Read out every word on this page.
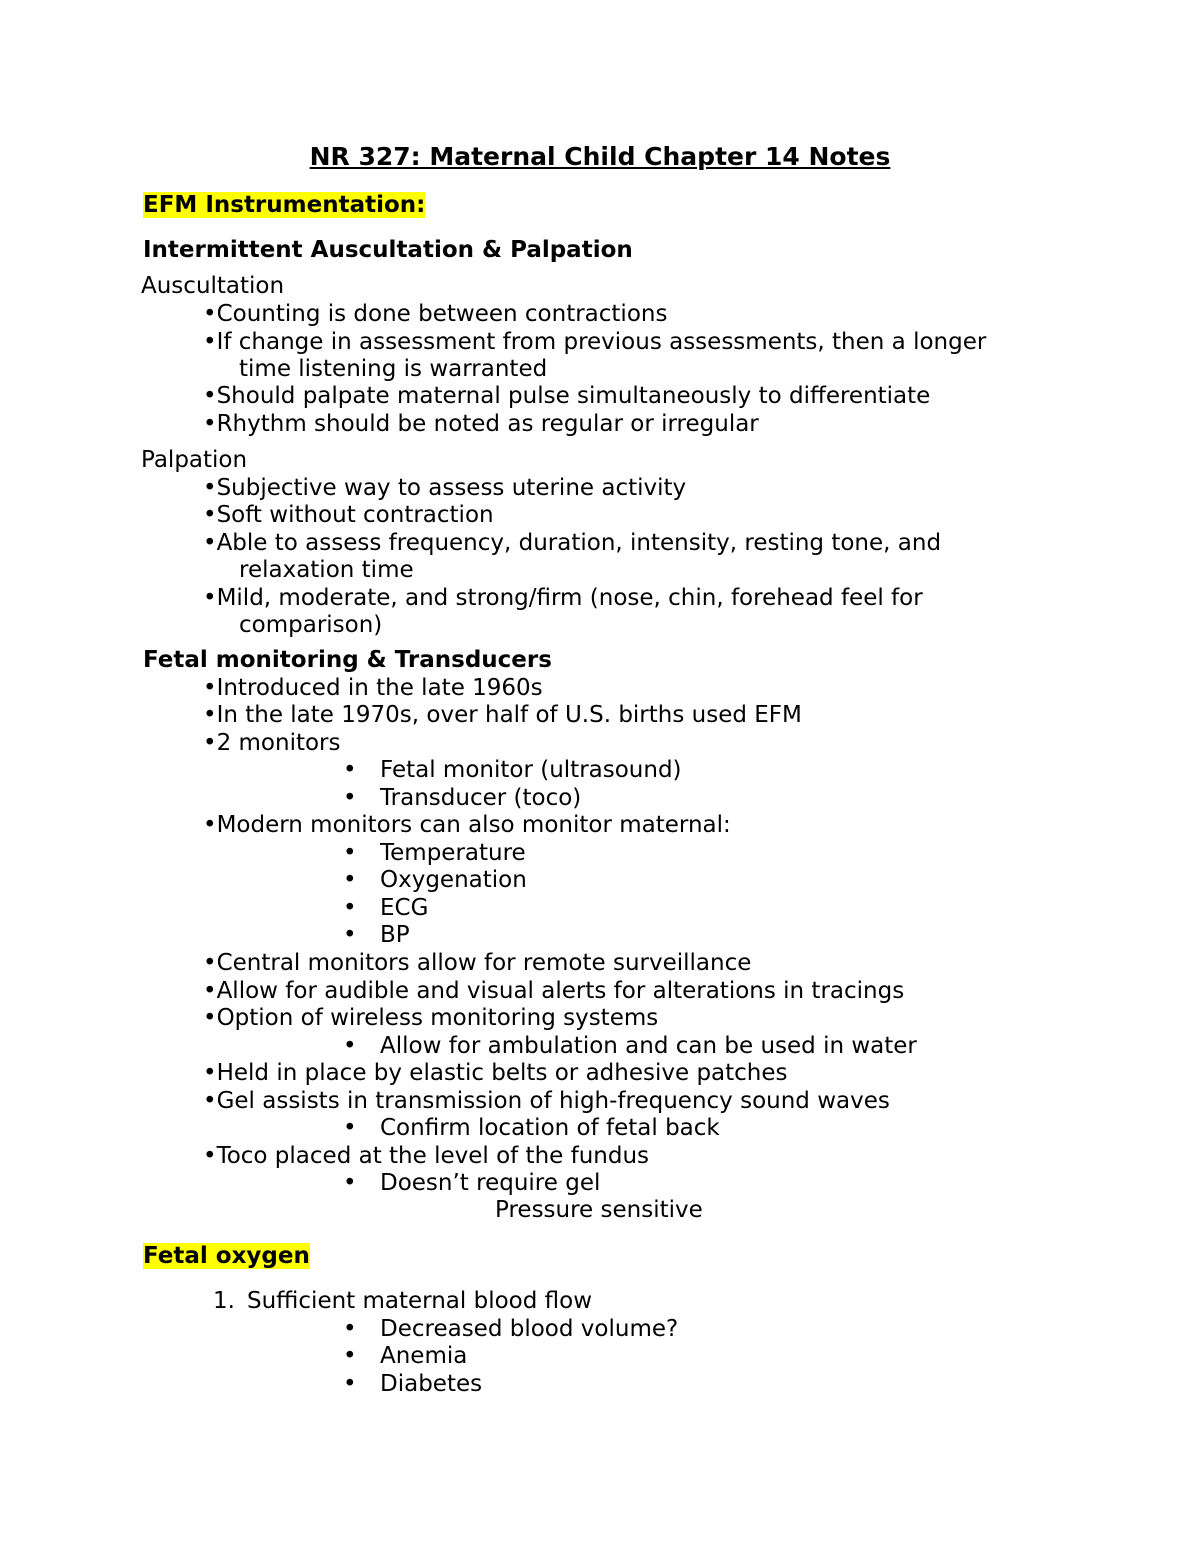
NR 327: Maternal Child Chapter 14 Notes
EFM Instrumentation:
Intermittent Auscultation & Palpation
Auscultation
•Counting is done between contractions
•If change in assessment from previous assessments, then a longer
time listening is warranted
•Should palpate maternal pulse simultaneously to differentiate
•Rhythm should be noted as regular or irregular
Palpation
•Subjective way to assess uterine activity
•Soft without contraction
•Able to assess frequency, duration, intensity, resting tone, and
relaxation time
•Mild, moderate, and strong/firm (nose, chin, forehead feel for
comparison)
Fetal monitoring & Transducers
•Introduced in the late 1960s
•In the late 1970s, over half of U.S. births used EFM
•2 monitors
• Fetal monitor (ultrasound)
• Transducer (toco)
•Modern monitors can also monitor maternal:
• Temperature
• Oxygenation
• ECG
• BP
•Central monitors allow for remote surveillance
•Allow for audible and visual alerts for alterations in tracings
•Option of wireless monitoring systems
• Allow for ambulation and can be used in water
•Held in place by elastic belts or adhesive patches
•Gel assists in transmission of high-frequency sound waves
• Confirm location of fetal back
•Toco placed at the level of the fundus
• Doesn’t require gel
Pressure sensitive
Fetal oxygen
1. Sufficient maternal blood flow
• Decreased blood volume?
• Anemia
• Diabetes
